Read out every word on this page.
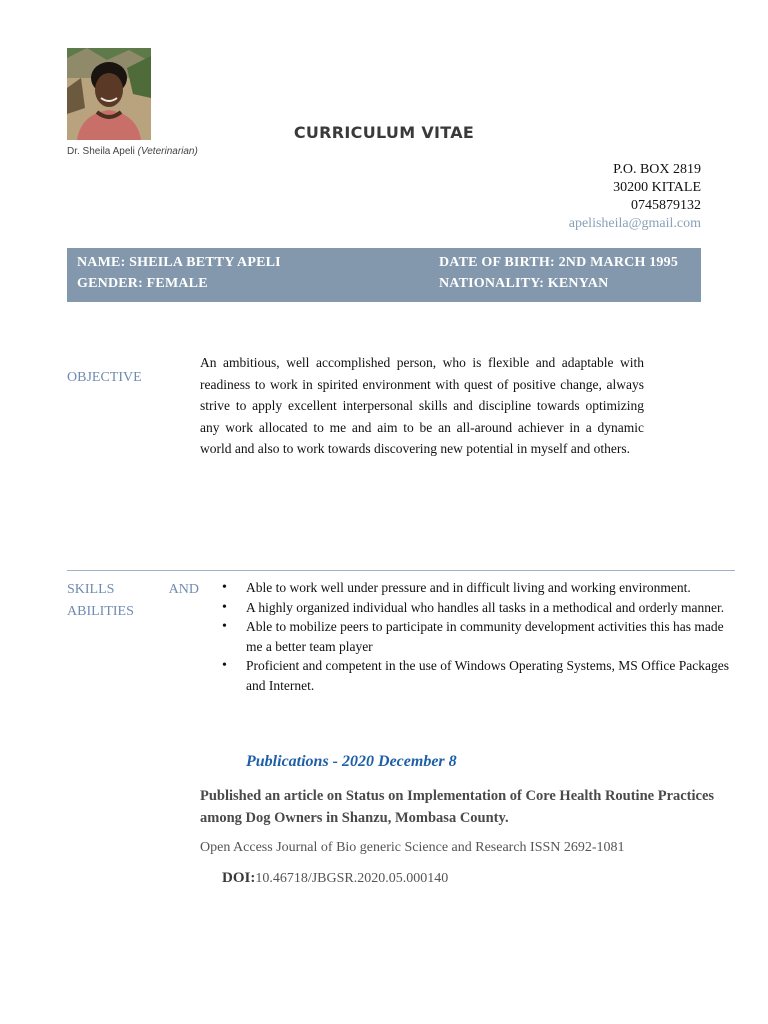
Dr. Sheila Apeli (Veterinarian)
CURRICULUM VITAE
P.O. BOX 2819
30200 KITALE
0745879132
apelisheila@gmail.com
NAME: SHEILA BETTY APELI
GENDER: FEMALE
DATE OF BIRTH: 2ND MARCH 1995
NATIONALITY: KENYAN
OBJECTIVE
An ambitious, well accomplished person, who is flexible and adaptable with readiness to work in spirited environment with quest of positive change, always strive to apply excellent interpersonal skills and discipline towards optimizing any work allocated to me and aim to be an all-around achiever in a dynamic world and also to work towards discovering new potential in myself and others.
SKILLS	AND
ABILITIES
• Able to work well under pressure and in difficult living and working environment.
• A highly organized individual who handles all tasks in a methodical and orderly manner.
• Able to mobilize peers to participate in community development activities this has made me a better team player
• Proficient and competent in the use of Windows Operating Systems, MS Office Packages and Internet.
Publications - 2020 December 8
Published an article on Status on Implementation of Core Health Routine Practices among Dog Owners in Shanzu, Mombasa County.
Open Access Journal of Bio generic Science and Research ISSN 2692-1081
DOI:10.46718/JBGSR.2020.05.000140
